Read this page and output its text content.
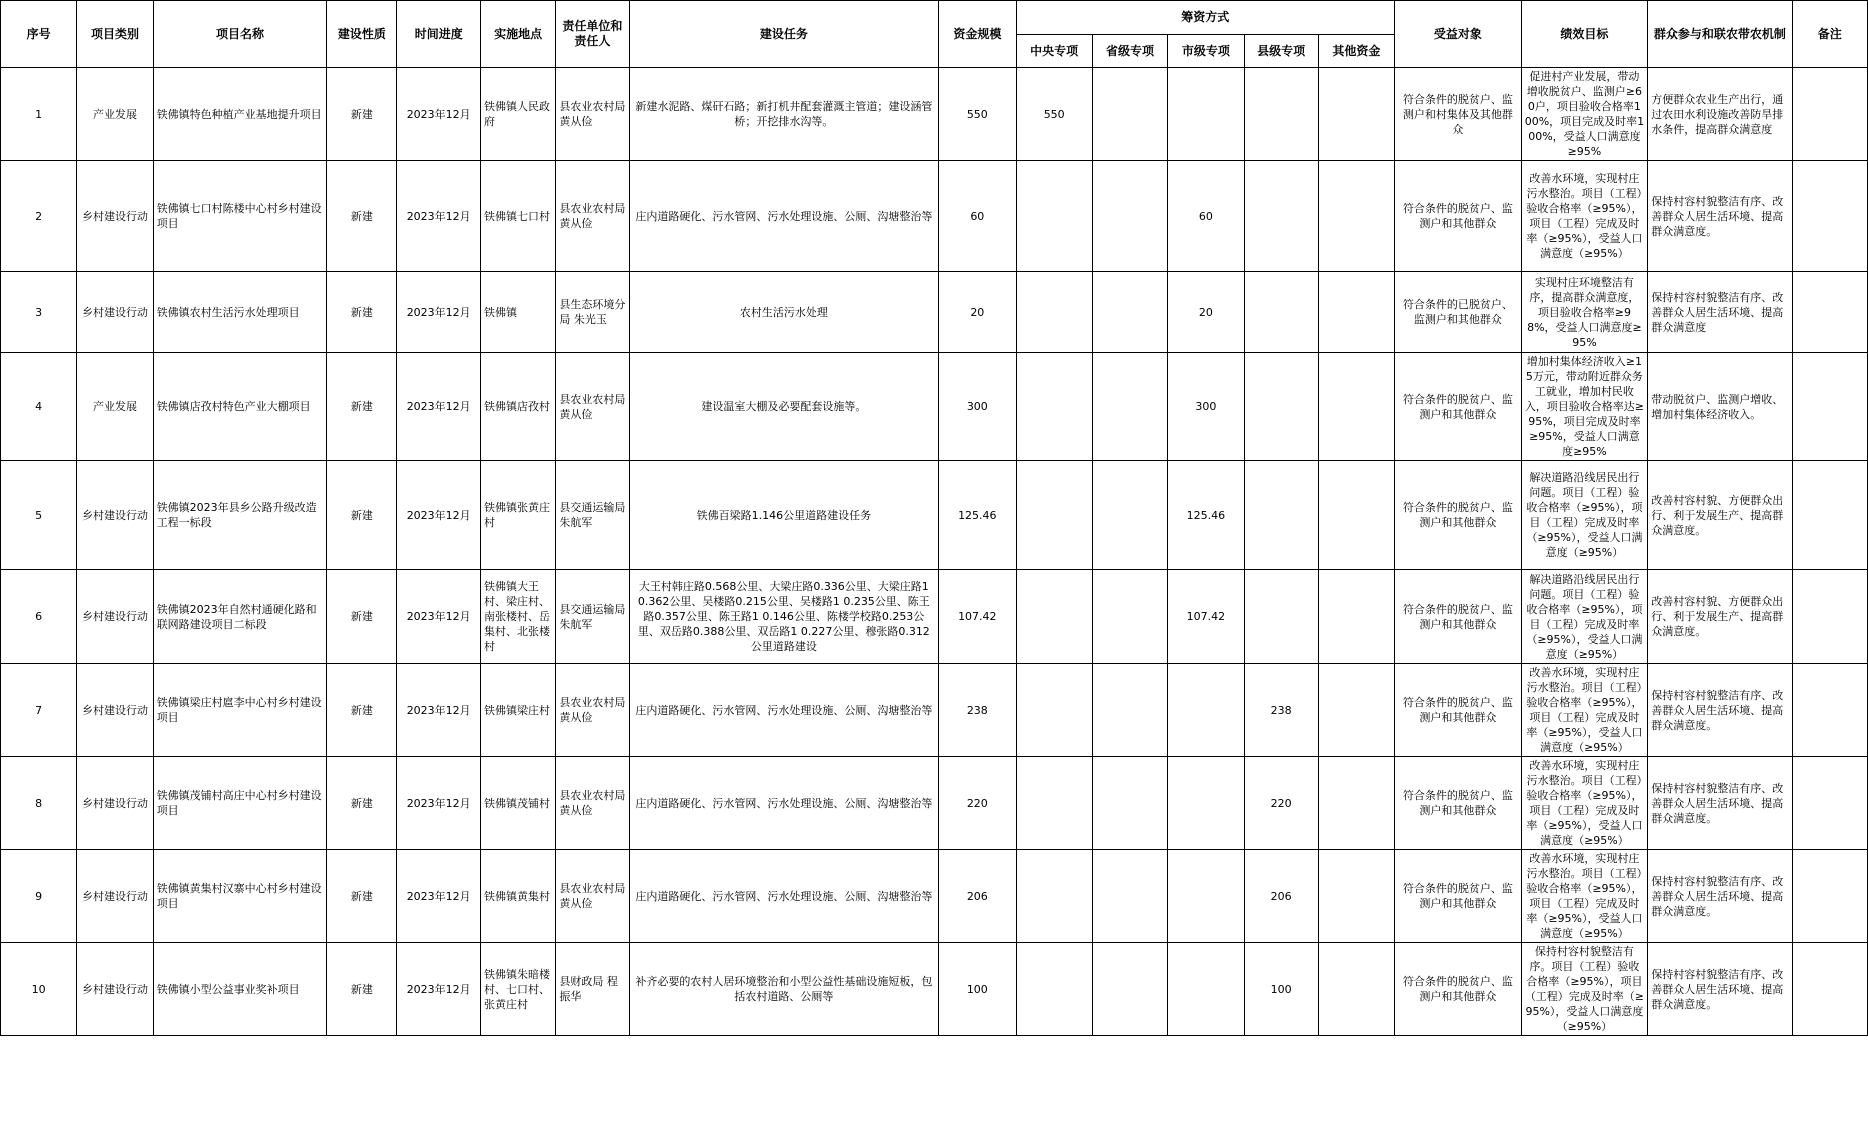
序号	项目类别	项目名称	建设性质	时间进度	实施地点	责任单位和责任人	建设任务	资金规模	筹资方式					受益对象	绩效目标	群众参与和联农带农机制	备注
									中央专项	省级专项	市级专项	县级专项	其他资金				
1	产业发展	铁佛镇特色种植产业基地提升项目	新建	2023年12月	铁佛镇人民政府	县农业农村局 黄从俭	新建水泥路、煤矸石路；新打机井配套灌溉主管道；建设涵管桥；开挖排水沟等。	550	550					符合条件的脱贫户、监测户和村集体及其他群众	促进村产业发展，带动增收脱贫户、监测户≥60户，项目验收合格率100%，项目完成及时率100%，受益人口满意度≥95%	方便群众农业生产出行，通过农田水利设施改善防旱排水条件，提高群众满意度	
2	乡村建设行动	铁佛镇七口村陈楼中心村乡村建设项目	新建	2023年12月	铁佛镇七口村	县农业农村局 黄从俭	庄内道路硬化、污水管网、污水处理设施、公厕、沟塘整治等	60			60			符合条件的脱贫户、监测户和其他群众	改善水环境，实现村庄污水整治。项目（工程）验收合格率（≥95%），项目（工程）完成及时率（≥95%），受益人口满意度（≥95%）	保持村容村貌整洁有序、改善群众人居生活环境、提高群众满意度。	
3	乡村建设行动	铁佛镇农村生活污水处理项目	新建	2023年12月	铁佛镇	县生态环境分局 朱光玉	农村生活污水处理	20			20			符合条件的已脱贫户、监测户和其他群众	实现村庄环境整洁有序，提高群众满意度，项目验收合格率≥98%，受益人口满意度≥95%	保持村容村貌整洁有序、改善群众人居生活环境、提高群众满意度	
4	产业发展	铁佛镇店孜村特色产业大棚项目	新建	2023年12月	铁佛镇店孜村	县农业农村局 黄从俭	建设温室大棚及必要配套设施等。	300			300			符合条件的脱贫户、监测户和其他群众	增加村集体经济收入≥15万元，带动附近群众务工就业，增加村民收入，项目验收合格率达≥95%，项目完成及时率≥95%，受益人口满意度≥95%	带动脱贫户、监测户增收、增加村集体经济收入。	
5	乡村建设行动	铁佛镇2023年县乡公路升级改造工程一标段	新建	2023年12月	铁佛镇张黄庄村	县交通运输局 朱航军	铁佛百梁路1.146公里道路建设任务	125.46			125.46			符合条件的脱贫户、监测户和其他群众	解决道路沿线居民出行问题。项目（工程）验收合格率（≥95%），项目（工程）完成及时率（≥95%），受益人口满意度（≥95%）	改善村容村貌、方便群众出行、利于发展生产、提高群众满意度。	
6	乡村建设行动	铁佛镇2023年自然村通硬化路和联网路建设项目二标段	新建	2023年12月	铁佛镇大王村、梁庄村、南张楼村、岳集村、北张楼村	县交通运输局 朱航军	大王村韩庄路0.568公里、大梁庄路0.336公里、大梁庄路1 0.362公里、吴楼路0.215公里、吴楼路1 0.235公里、陈王路0.357公里、陈王路1 0.146公里、陈楼学校路0.253公里、双岳路0.388公里、双岳路1 0.227公里、穆张路0.312公里道路建设	107.42			107.42			符合条件的脱贫户、监测户和其他群众	解决道路沿线居民出行问题。项目（工程）验收合格率（≥95%），项目（工程）完成及时率（≥95%），受益人口满意度（≥95%）	改善村容村貌、方便群众出行、利于发展生产、提高群众满意度。	
7	乡村建设行动	铁佛镇梁庄村扈李中心村乡村建设项目	新建	2023年12月	铁佛镇梁庄村	县农业农村局 黄从俭	庄内道路硬化、污水管网、污水处理设施、公厕、沟塘整治等	238				238		符合条件的脱贫户、监测户和其他群众	改善水环境，实现村庄污水整治。项目（工程）验收合格率（≥95%），项目（工程）完成及时率（≥95%），受益人口满意度（≥95%）	保持村容村貌整洁有序、改善群众人居生活环境、提高群众满意度。	
8	乡村建设行动	铁佛镇茂铺村高庄中心村乡村建设项目	新建	2023年12月	铁佛镇茂铺村	县农业农村局 黄从俭	庄内道路硬化、污水管网、污水处理设施、公厕、沟塘整治等	220				220		符合条件的脱贫户、监测户和其他群众	改善水环境，实现村庄污水整治。项目（工程）验收合格率（≥95%），项目（工程）完成及时率（≥95%），受益人口满意度（≥95%）	保持村容村貌整洁有序、改善群众人居生活环境、提高群众满意度。	
9	乡村建设行动	铁佛镇黄集村汉寨中心村乡村建设项目	新建	2023年12月	铁佛镇黄集村	县农业农村局 黄从俭	庄内道路硬化、污水管网、污水处理设施、公厕、沟塘整治等	206				206		符合条件的脱贫户、监测户和其他群众	改善水环境，实现村庄污水整治。项目（工程）验收合格率（≥95%），项目（工程）完成及时率（≥95%），受益人口满意度（≥95%）	保持村容村貌整洁有序、改善群众人居生活环境、提高群众满意度。	
10	乡村建设行动	铁佛镇小型公益事业奖补项目	新建	2023年12月	铁佛镇朱暗楼村、七口村、张黄庄村	县财政局 程振华	补齐必要的农村人居环境整治和小型公益性基础设施短板，包括农村道路、公厕等	100				100		符合条件的脱贫户、监测户和其他群众	保持村容村貌整洁有序。项目（工程）验收合格率（≥95%），项目（工程）完成及时率（≥95%），受益人口满意度（≥95%）	保持村容村貌整洁有序、改善群众人居生活环境、提高群众满意度。	
